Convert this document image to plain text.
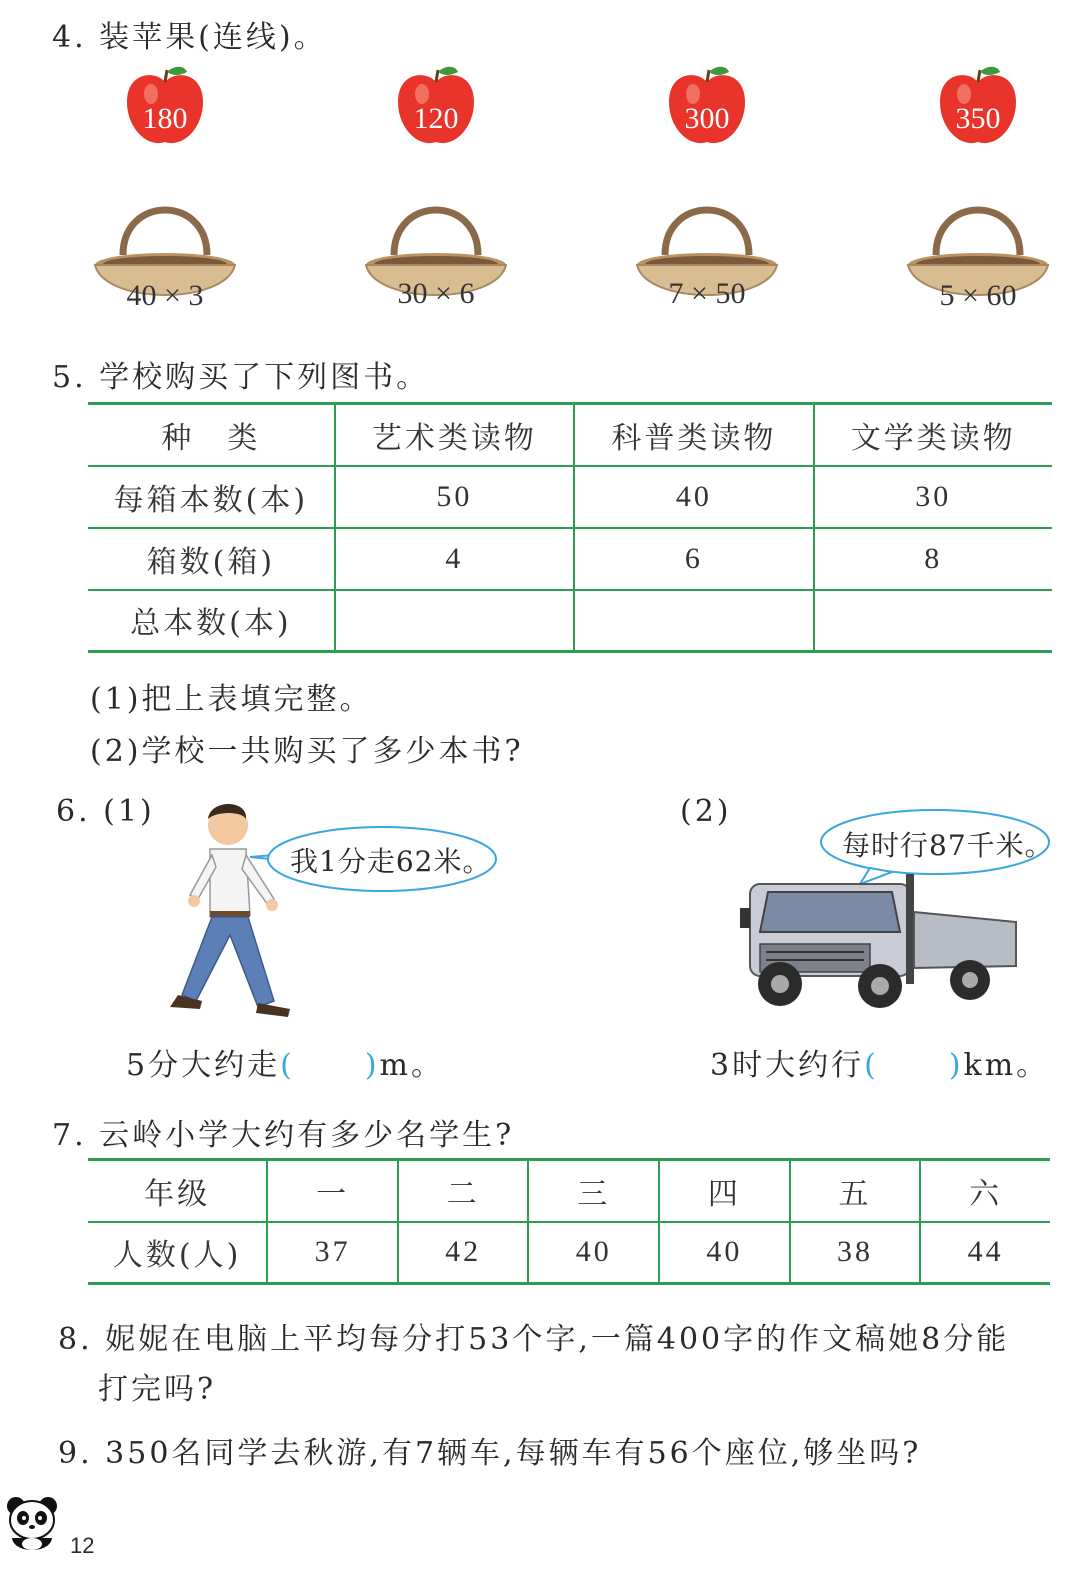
4. 装苹果(连线)。
180	120	300	350
40 × 3	30 × 6	7 × 50	5 × 60
5. 学校购买了下列图书。
种　类	艺术类读物	科普类读物	文学类读物
每箱本数(本)	50	40	30
箱数(箱)	4	6	8
总本数(本)			
(1)把上表填完整。
(2)学校一共购买了多少本书?
6. (1)	(2)
我1分走62米。
5分大约走( )m。
每时行87千米。
3时大约行( )km。
7. 云岭小学大约有多少名学生?
年级	一	二	三	四	五	六
人数(人)	37	42	40	40	38	44
8. 妮妮在电脑上平均每分打53个字,一篇400字的作文稿她8分能
打完吗?
9. 350名同学去秋游,有7辆车,每辆车有56个座位,够坐吗?
12
